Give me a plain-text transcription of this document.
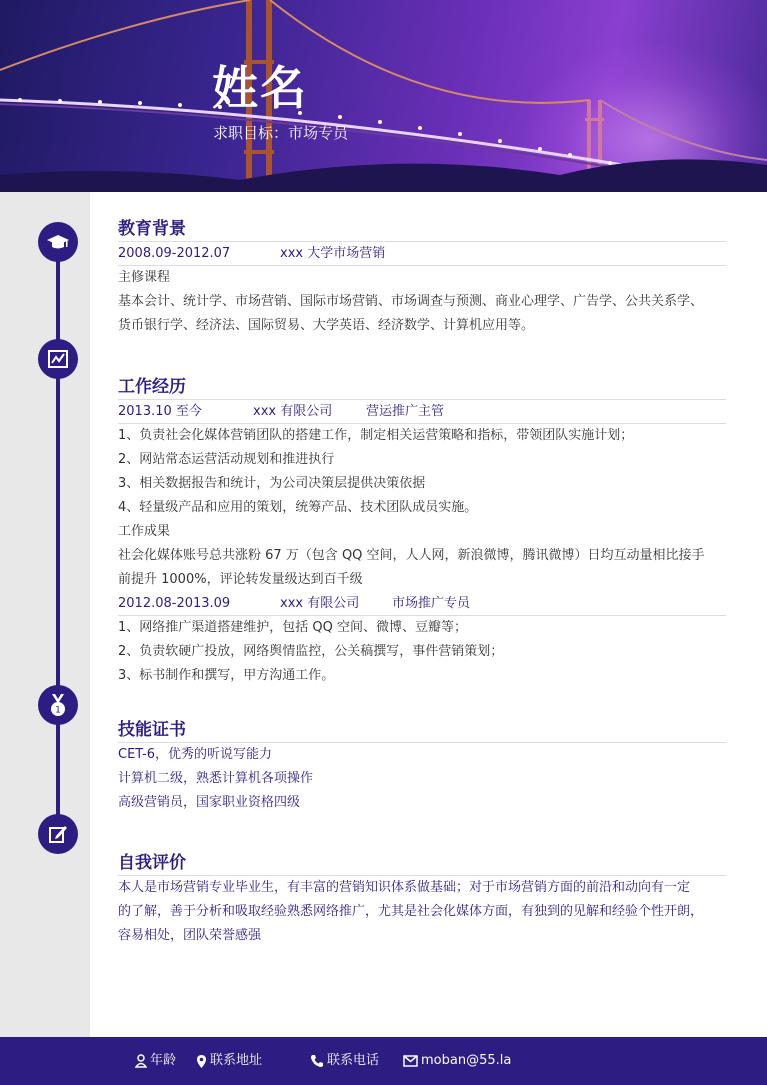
姓名
求职目标：市场专员
1
教育背景
2008.09-2012.07	xxx 大学市场营销
主修课程
基本会计、统计学、市场营销、国际市场营销、市场调查与预测、商业心理学、广告学、公共关系学、
货币银行学、经济法、国际贸易、大学英语、经济数学、计算机应用等。
工作经历
2013.10 至今	xxx 有限公司	营运推广主管
1、负责社会化媒体营销团队的搭建工作，制定相关运营策略和指标，带领团队实施计划；
2、网站常态运营活动规划和推进执行
3、相关数据报告和统计，为公司决策层提供决策依据
4、轻量级产品和应用的策划，统筹产品、技术团队成员实施。
工作成果
社会化媒体账号总共涨粉 67 万（包含 QQ 空间，人人网，新浪微博，腾讯微博）日均互动量相比接手
前提升 1000%，评论转发量级达到百千级
2012.08-2013.09	xxx 有限公司	市场推广专员
1、网络推广渠道搭建维护，包括 QQ 空间、微博、豆瓣等；
2、负责软硬广投放，网络舆情监控，公关稿撰写，事件营销策划；
3、标书制作和撰写，甲方沟通工作。
技能证书
CET-6，优秀的听说写能力
计算机二级，熟悉计算机各项操作
高级营销员，国家职业资格四级
自我评价
本人是市场营销专业毕业生，有丰富的营销知识体系做基础；对于市场营销方面的前沿和动向有一定
的了解，善于分析和吸取经验熟悉网络推广，尤其是社会化媒体方面，有独到的见解和经验个性开朗，
容易相处，团队荣誉感强
年龄	联系地址	联系电话	moban@55.la
